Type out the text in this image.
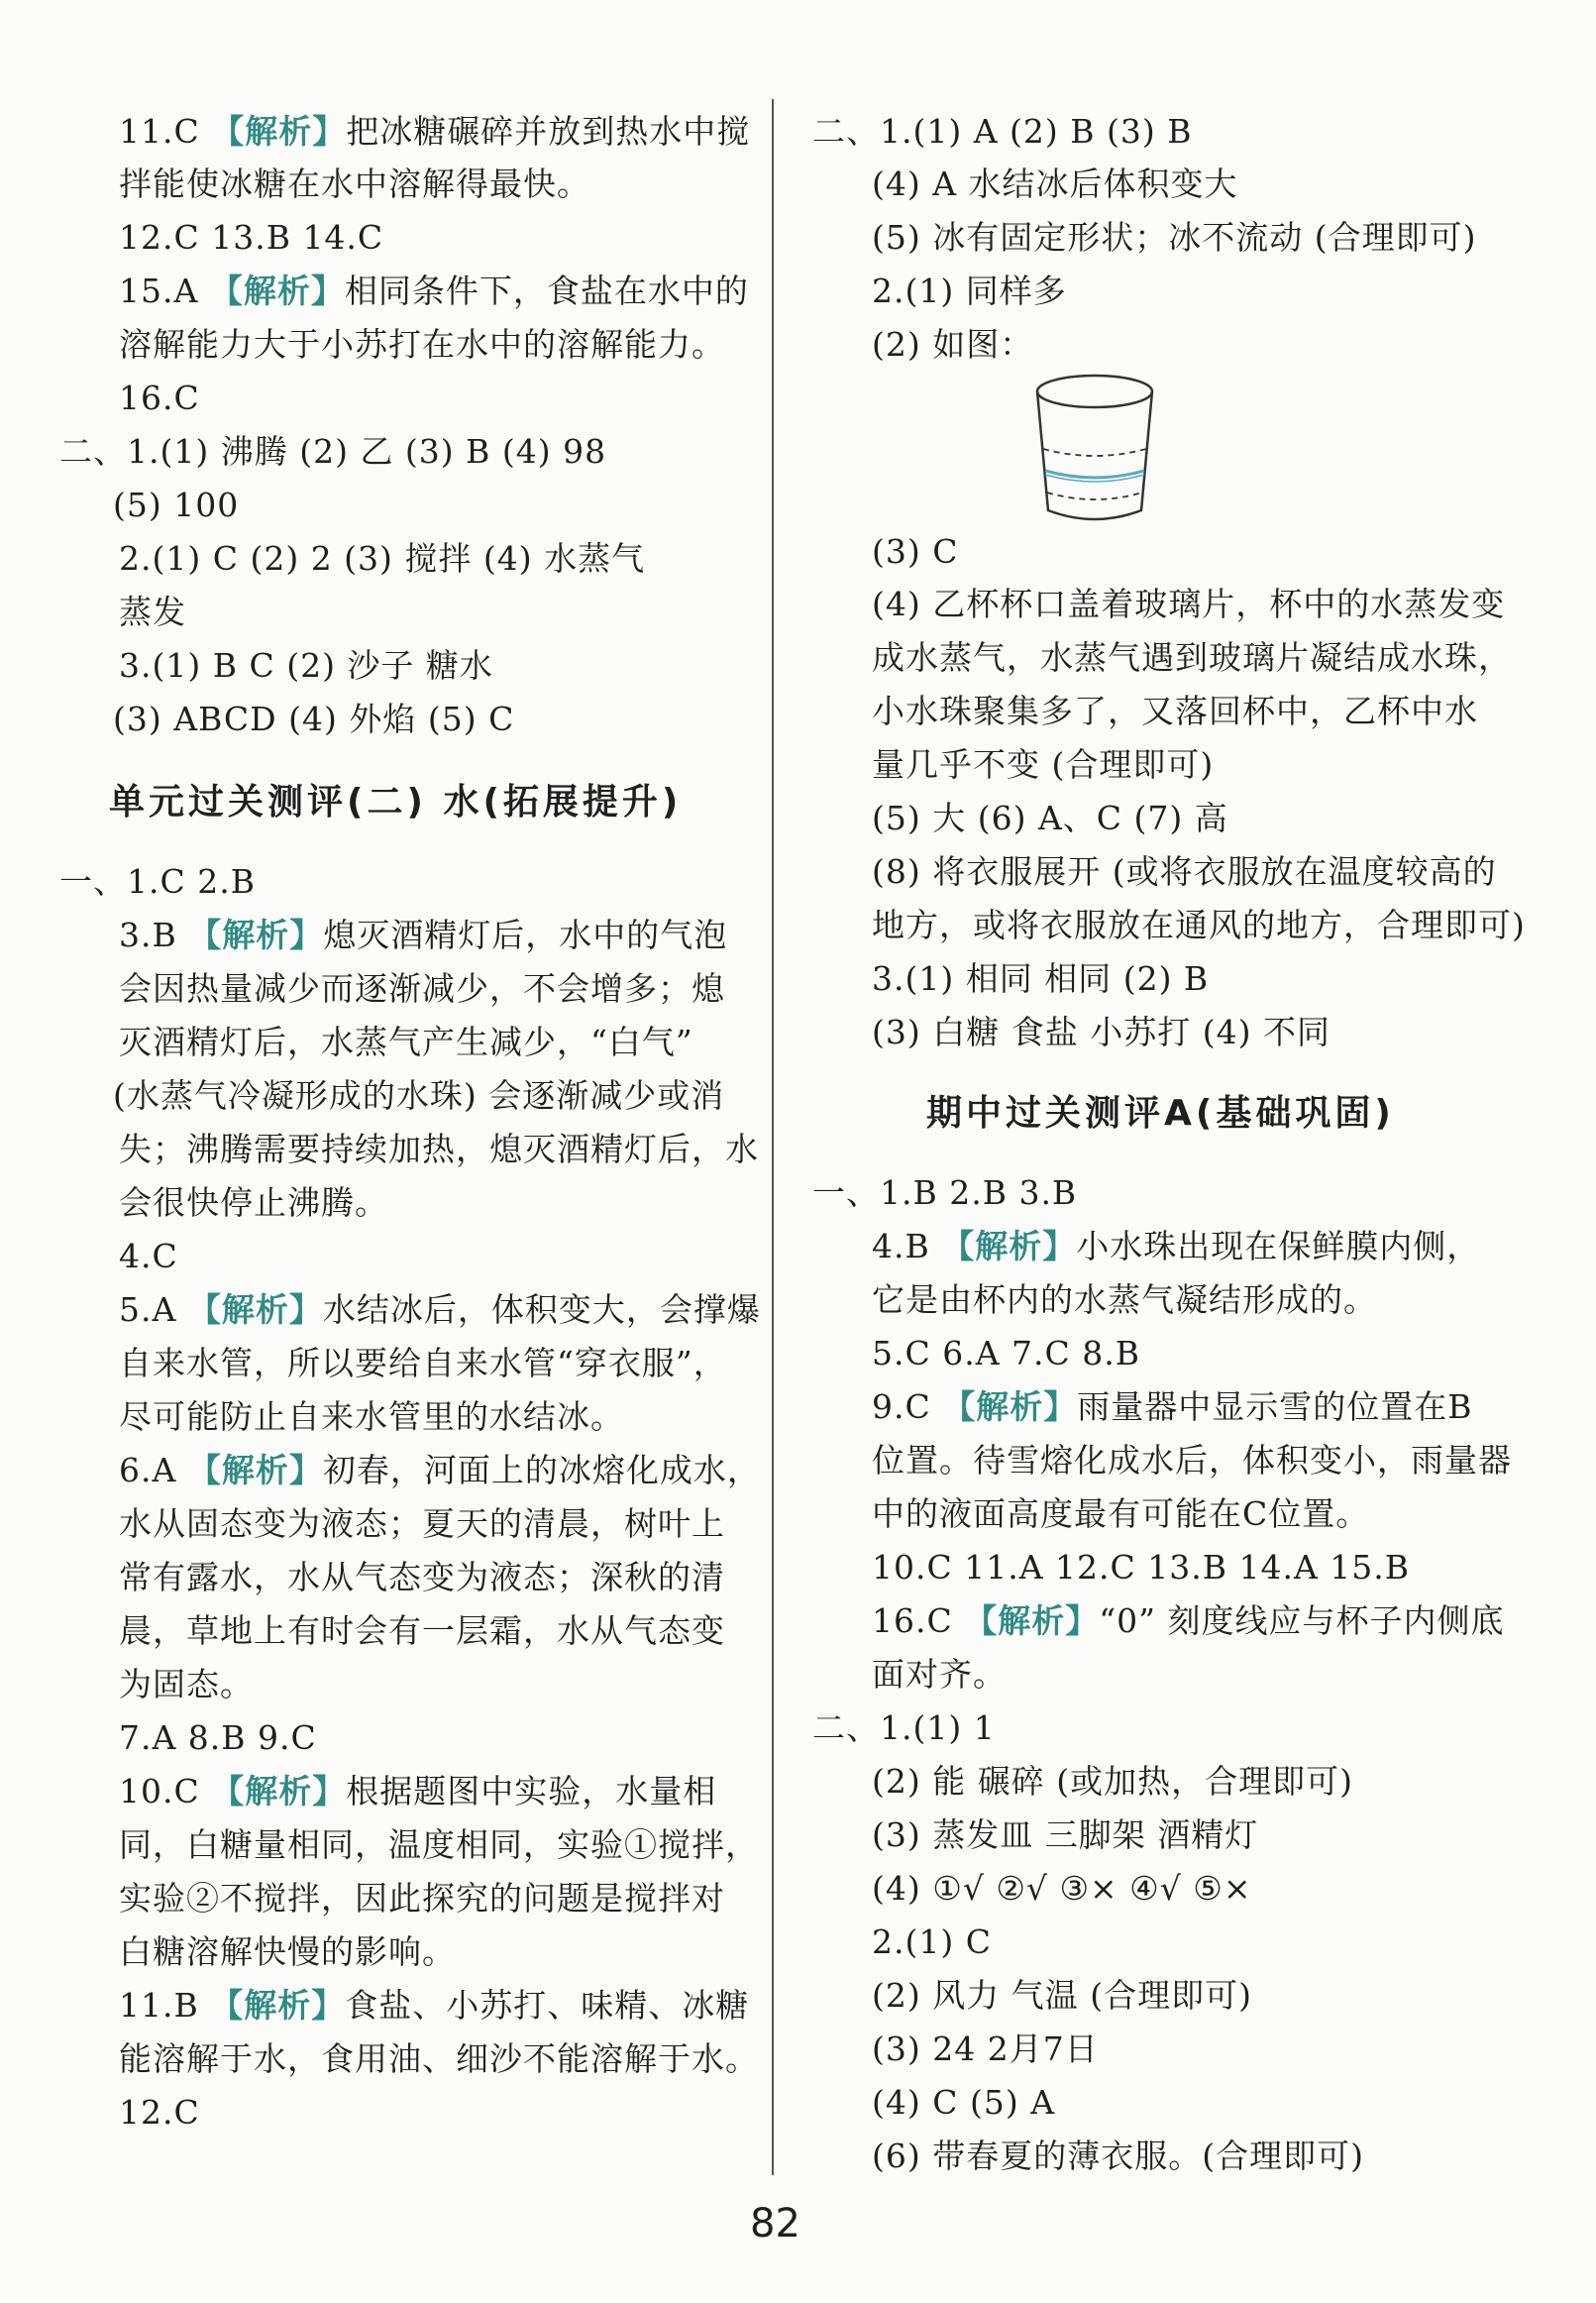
11.C 【解析】把冰糖碾碎并放到热水中搅
拌能使冰糖在水中溶解得最快。
12.C 13.B 14.C
15.A 【解析】相同条件下，食盐在水中的
溶解能力大于小苏打在水中的溶解能力。
16.C
二、1.(1) 沸腾 (2) 乙 (3) B (4) 98
(5) 100
2.(1) C (2) 2 (3) 搅拌 (4) 水蒸气
蒸发
3.(1) B C (2) 沙子 糖水
(3) ABCD (4) 外焰 (5) C
单元过关测评(二) 水(拓展提升)
一、1.C 2.B
3.B 【解析】熄灭酒精灯后，水中的气泡
会因热量减少而逐渐减少，不会增多；熄
灭酒精灯后，水蒸气产生减少，“白气”
(水蒸气冷凝形成的水珠) 会逐渐减少或消
失；沸腾需要持续加热，熄灭酒精灯后，水
会很快停止沸腾。
4.C
5.A 【解析】水结冰后，体积变大，会撑爆
自来水管，所以要给自来水管“穿衣服”，
尽可能防止自来水管里的水结冰。
6.A 【解析】初春，河面上的冰熔化成水，
水从固态变为液态；夏天的清晨，树叶上
常有露水，水从气态变为液态；深秋的清
晨，草地上有时会有一层霜，水从气态变
为固态。
7.A 8.B 9.C
10.C 【解析】根据题图中实验，水量相
同，白糖量相同，温度相同，实验①搅拌，
实验②不搅拌，因此探究的问题是搅拌对
白糖溶解快慢的影响。
11.B 【解析】食盐、小苏打、味精、冰糖
能溶解于水，食用油、细沙不能溶解于水。
12.C
二、1.(1) A (2) B (3) B
(4) A 水结冰后体积变大
(5) 冰有固定形状；冰不流动 (合理即可)
2.(1) 同样多
(2) 如图：
(3) C
(4) 乙杯杯口盖着玻璃片，杯中的水蒸发变
成水蒸气，水蒸气遇到玻璃片凝结成水珠，
小水珠聚集多了，又落回杯中，乙杯中水
量几乎不变 (合理即可)
(5) 大 (6) A、C (7) 高
(8) 将衣服展开 (或将衣服放在温度较高的
地方，或将衣服放在通风的地方，合理即可)
3.(1) 相同 相同 (2) B
(3) 白糖 食盐 小苏打 (4) 不同
期中过关测评A(基础巩固)
一、1.B 2.B 3.B
4.B 【解析】小水珠出现在保鲜膜内侧，
它是由杯内的水蒸气凝结形成的。
5.C 6.A 7.C 8.B
9.C 【解析】雨量器中显示雪的位置在B
位置。待雪熔化成水后，体积变小，雨量器
中的液面高度最有可能在C位置。
10.C 11.A 12.C 13.B 14.A 15.B
16.C 【解析】“0” 刻度线应与杯子内侧底
面对齐。
二、1.(1) 1
(2) 能 碾碎 (或加热，合理即可)
(3) 蒸发皿 三脚架 酒精灯
(4) ①√ ②√ ③× ④√ ⑤×
2.(1) C
(2) 风力 气温 (合理即可)
(3) 24 2月7日
(4) C (5) A
(6) 带春夏的薄衣服。(合理即可)
82
